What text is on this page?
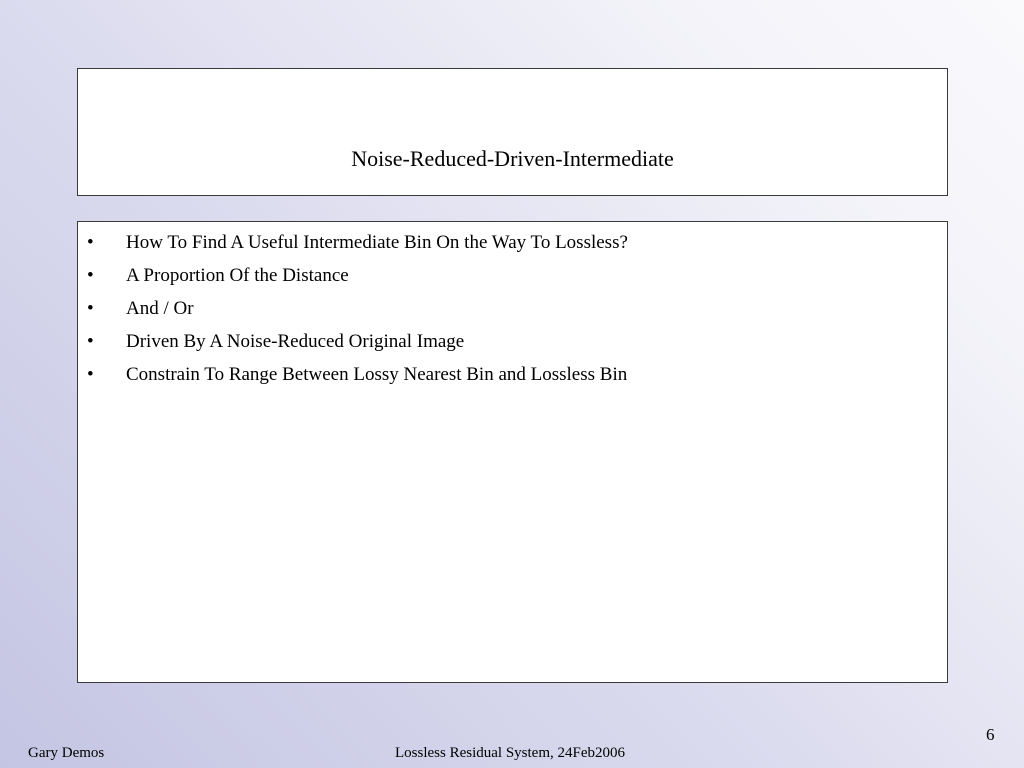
Noise-Reduced-Driven-Intermediate
• How To Find A Useful Intermediate Bin On the Way To Lossless?
• A Proportion Of the Distance
• And / Or
• Driven By A Noise-Reduced Original Image
• Constrain To Range Between Lossy Nearest Bin and Lossless Bin
6
Gary Demos	Lossless Residual System, 24Feb2006
